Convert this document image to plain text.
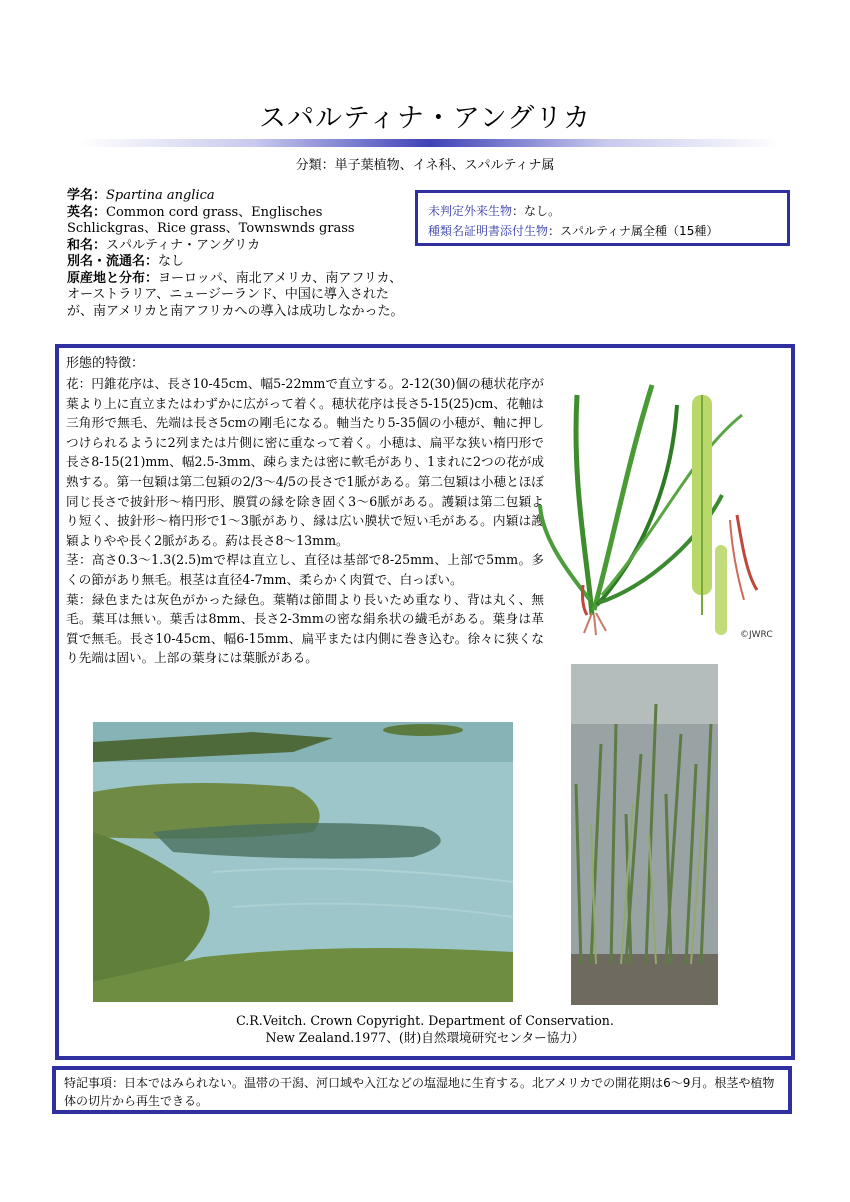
スパルティナ・アングリカ
分類：単子葉植物、イネ科、スパルティナ属

学名：Spartina anglica

英名：Common cord grass、Englisches Schlickgras、Rice grass、Townswnds grass

和名：スパルティナ・アングリカ

別名・流通名：なし

原産地と分布：ヨーロッパ、南北アメリカ、南アフリカ、オーストラリア、ニュージーランド、中国に導入されたが、南アメリカと南アフリカへの導入は成功しなかった。

未判定外来生物：なし。
種類名証明書添付生物：スパルティナ属全種（15種）
形態的特徴：

花：円錐花序は、長さ10-45cm、幅5-22mmで直立する。2-12(30)個の穂状花序が葉より上に直立またはわずかに広がって着く。穂状花序は長さ5-15(25)cm、花軸は三角形で無毛、先端は長さ5cmの剛毛になる。軸当たり5-35個の小穂が、軸に押しつけられるように2列または片側に密に重なって着く。小穂は、扁平な狭い楕円形で長さ8-15(21)mm、幅2.5-3mm、疎らまたは密に軟毛があり、1まれに2つの花が成熟する。第一包穎は第二包穎の2/3～4/5の長さで1脈がある。第二包穎は小穂とほぼ同じ長さで披針形～楕円形、膜質の縁を除き固く3～6脈がある。護穎は第二包穎より短く、披針形～楕円形で1～3脈があり、縁は広い膜状で短い毛がある。内穎は護穎よりやや長く2脈がある。葯は長さ8～13mm。

茎：高さ0.3～1.3(2.5)mで桿は直立し、直径は基部で8-25mm、上部で5mm。多くの節があり無毛。根茎は直径4-7mm、柔らかく肉質で、白っぽい。

葉：緑色または灰色がかった緑色。葉鞘は節間より長いため重なり、背は丸く、無毛。葉耳は無い。葉舌は8mm、長さ2-3mmの密な絹糸状の繊毛がある。葉身は革質で無毛。長さ10-45cm、幅6-15mm、扁平または内側に巻き込む。徐々に狭くなり先端は固い。上部の葉身には葉脈がある。

©JWRC
C.R.Veitch. Crown Copyright. Department of Conservation.
New Zealand.1977、(財)自然環境研究センター協力）
特記事項：日本ではみられない。温帯の干潟、河口域や入江などの塩湿地に生育する。北アメリカでの開花期は6～9月。根茎や植物体の切片から再生できる。
